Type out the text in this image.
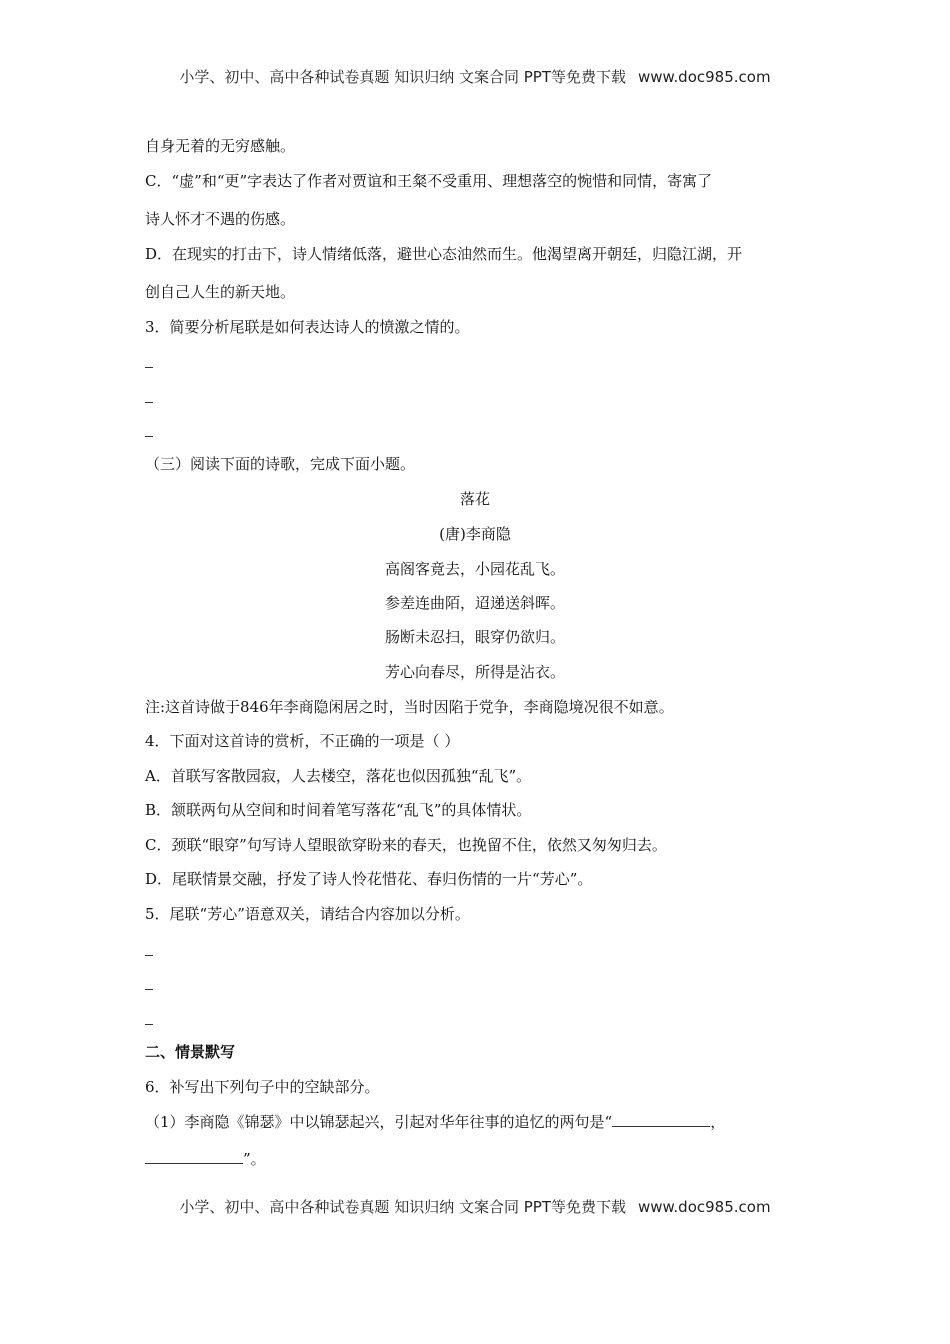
小学、初中、高中各种试卷真题 知识归纳 文案合同 PPT等免费下载 www.doc985.com
自身无着的无穷感触。
C．“虚”和“更”字表达了作者对贾谊和王粲不受重用、理想落空的惋惜和同情，寄寓了
诗人怀才不遇的伤感。
D．在现实的打击下，诗人情绪低落，避世心态油然而生。他渴望离开朝廷，归隐江湖，开
创自己人生的新天地。
3．简要分析尾联是如何表达诗人的愤激之情的。
（三）阅读下面的诗歌，完成下面小题。
落花
(唐)李商隐
高阁客竟去，小园花乱飞。
参差连曲陌，迢递送斜晖。
肠断未忍扫，眼穿仍欲归。
芳心向春尽，所得是沾衣。
注:这首诗做于846年李商隐闲居之时，当时因陷于党争，李商隐境况很不如意。
4．下面对这首诗的赏析，不正确的一项是（ ）
A．首联写客散园寂，人去楼空，落花也似因孤独“乱飞”。
B．颔联两句从空间和时间着笔写落花“乱飞”的具体情状。
C．颈联“眼穿”句写诗人望眼欲穿盼来的春天，也挽留不住，依然又匆匆归去。
D．尾联情景交融，抒发了诗人怜花惜花、春归伤情的一片“芳心”。
5．尾联“芳心”语意双关，请结合内容加以分析。
二、情景默写
6．补写出下列句子中的空缺部分。
（1）李商隐《锦瑟》中以锦瑟起兴，引起对华年往事的追忆的两句是“	，
”。
小学、初中、高中各种试卷真题 知识归纳 文案合同 PPT等免费下载 www.doc985.com
